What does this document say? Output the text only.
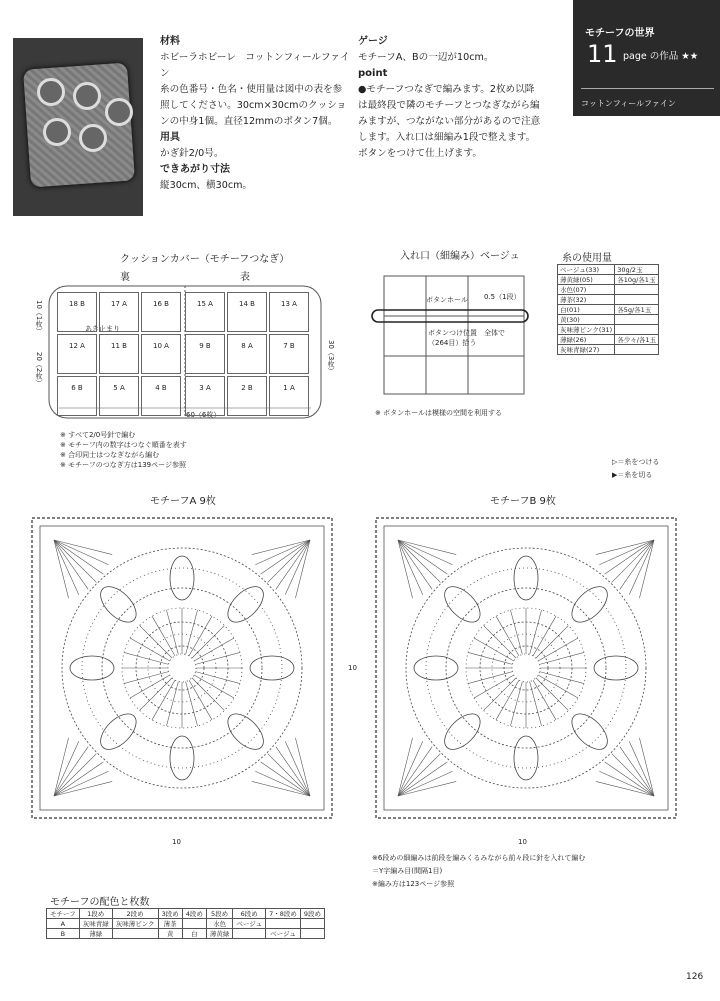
材料
ホビーラホビーレ　コットンフィールファイン
糸の色番号・色名・使用量は図中の表を参
照してください。30cm×30cmのクッショ
ンの中身1個。直径12mmのボタン7個。
用具
かぎ針2/0号。
できあがり寸法
縦30cm、横30cm。
ゲージ
モチーフA、Bの一辺が10cm。
point
●モチーフつなぎで編みます。2枚め以降
は最終段で隣のモチーフとつなぎながら編
みますが、つながない部分があるので注意
します。入れ口は細編み1段で整えます。
ボタンをつけて仕上げます。
モチーフの世界
11 page の作品 ★★
コットンフィールファイン
クッションカバー（モチーフつなぎ）
裏	表
10（1枚）
20（2枚）	30（3枚）
60（6枚）
あき止まり
18 B	17 A	16 B	15 A	14 B	13 A
12 A	11 B	10 A	9 B	8 A	7 B
6 B	5 A	4 B	3 A	2 B	1 A
※ すべて2/0号針で編む
※ モチーフ内の数字はつなぐ順番を表す
※ 合印同士はつなぎながら編む
※ モチーフのつなぎ方は139ページ参照
入れ口（細編み）ベージュ
ボタンホール 0.5（1段）
ボタンつけ位置　全体で（264目）拾う
※ ボタンホールは模様の空間を利用する
糸の使用量
ベージュ(33)	30g/2玉
薄黄緑(05)	各10g/各1玉
水色(07)	
薄茶(32)	
白(01)	各5g/各1玉
黄(30)	
灰味薄ピンク(31)	
薄緑(26)	各少々/各1玉
灰味青緑(27)	
▷＝糸をつける
▶＝糸を切る
モチーフA 9枚
10
モチーフB 9枚
10
10
※6段めの細編みは前段を編みくるみながら前々段に針を入れて編む
＝Y字編み目(間隔1目)
※編み方は123ページ参照
モチーフの配色と枚数
モチーフ	1段め	2段め	3段め	4段め	5段め	6段め	7・8段め	9段め
A	灰味青緑	灰味薄ピンク	薄茶		水色	ベージュ		
B	薄緑		黄	白	薄黄緑		ベージュ	
126
